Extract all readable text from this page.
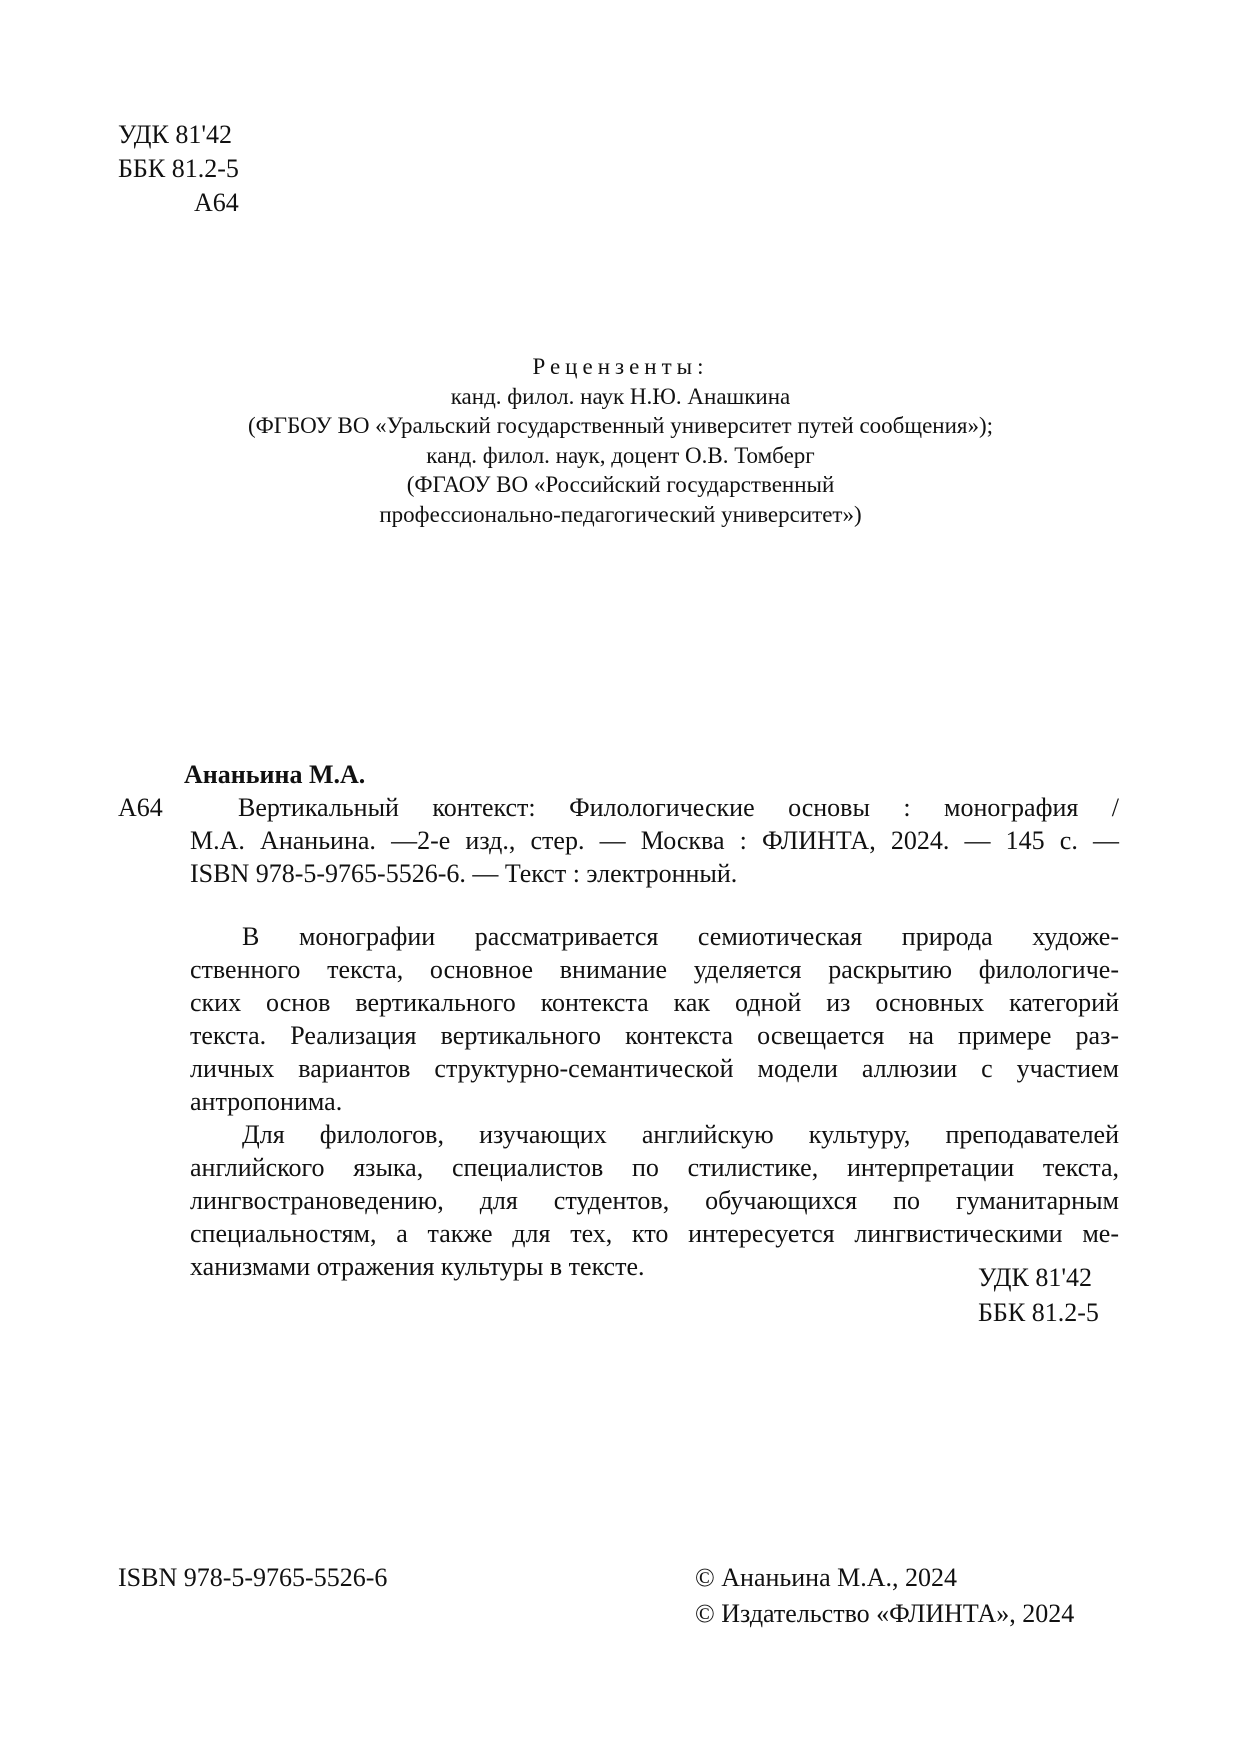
УДК 81'42
ББК 81.2-5
А64
Рецензенты:
канд. филол. наук Н.Ю. Анашкина
(ФГБОУ ВО «Уральский государственный университет путей сообщения»);
канд. филол. наук, доцент О.В. Томберг
(ФГАОУ ВО «Российский государственный
профессионально-педагогический университет»)
Ананьина М.А.
А64	Вертикальный контекст: Филологические основы : монография /
М.А. Ананьина. —2-е изд., стер. — Москва : ФЛИНТА, 2024. — 145 с. —
ISBN 978-5-9765-5526-6. — Текст : электронный.
В монографии рассматривается семиотическая природа художе-
ственного текста, основное внимание уделяется раскрытию филологиче-
ских основ вертикального контекста как одной из основных категорий
текста. Реализация вертикального контекста освещается на примере раз-
личных вариантов структурно-семантической модели аллюзии с участием
антропонима.
Для филологов, изучающих английскую культуру, преподавателей
английского языка, специалистов по стилистике, интерпретации текста,
лингвострановедению, для студентов, обучающихся по гуманитарным
специальностям, а также для тех, кто интересуется лингвистическими ме-
ханизмами отражения культуры в тексте.	УДК 81'42
ББК 81.2-5
ISBN 978-5-9765-5526-6	© Ананьина М.А., 2024
© Издательство «ФЛИНТА», 2024
